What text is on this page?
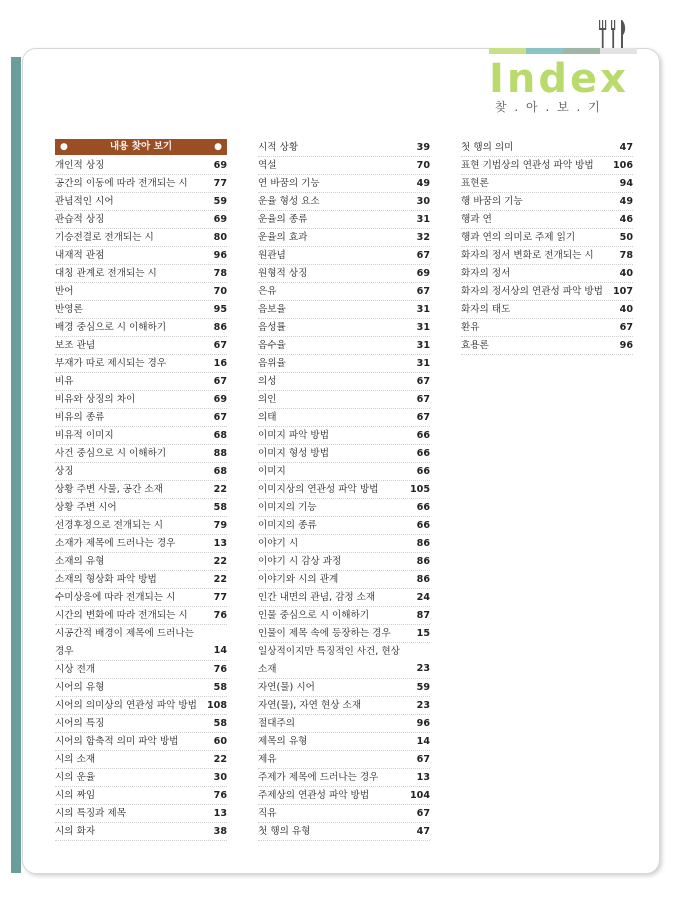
Index
찾 . 아 . 보 . 기
●	내용 찾아 보기	●
개인적 상징	69
공간의 이동에 따라 전개되는 시	77
관념적인 시어	59
관습적 상징	69
기승전결로 전개되는 시	80
내재적 관점	96
대칭 관계로 전개되는 시	78
반어	70
반영론	95
배경 중심으로 시 이해하기	86
보조 관념	67
부재가 따로 제시되는 경우	16
비유	67
비유와 상징의 차이	69
비유의 종류	67
비유적 이미지	68
사건 중심으로 시 이해하기	88
상징	68
상황 주변 사물, 공간 소재	22
상황 주변 시어	58
선경후정으로 전개되는 시	79
소재가 제목에 드러나는 경우	13
소재의 유형	22
소재의 형상화 파악 방법	22
수미상응에 따라 전개되는 시	77
시간의 변화에 따라 전개되는 시	76
시공간적 배경이 제목에 드러나는 경우	14
시상 전개	76
시어의 유형	58
시어의 의미상의 연관성 파악 방법	108
시어의 특징	58
시어의 함축적 의미 파악 방법	60
시의 소재	22
시의 운율	30
시의 짜임	76
시의 특징과 제목	13
시의 화자	38
시적 상황	39
역설	70
연 바꿈의 기능	49
운율 형성 요소	30
운율의 종류	31
운율의 효과	32
원관념	67
원형적 상징	69
은유	67
음보율	31
음성률	31
음수율	31
음위율	31
의성	67
의인	67
의태	67
이미지 파악 방법	66
이미지 형성 방법	66
이미지	66
이미지상의 연관성 파악 방법	105
이미지의 기능	66
이미지의 종류	66
이야기 시	86
이야기 시 감상 과정	86
이야기와 시의 관계	86
인간 내면의 관념, 감정 소재	24
인물 중심으로 시 이해하기	87
인물이 제목 속에 등장하는 경우	15
일상적이지만 특징적인 사건, 현상 소재	23
자연(물) 시어	59
자연(물), 자연 현상 소재	23
절대주의	96
제목의 유형	14
제유	67
주제가 제목에 드러나는 경우	13
주제상의 연관성 파악 방법	104
직유	67
첫 행의 유형	47
첫 행의 의미	47
표현 기법상의 연관성 파악 방법	106
표현론	94
행 바꿈의 기능	49
행과 연	46
행과 연의 의미로 주제 읽기	50
화자의 정서 변화로 전개되는 시	78
화자의 정서	40
화자의 정서상의 연관성 파악 방법	107
화자의 태도	40
환유	67
효용론	96
